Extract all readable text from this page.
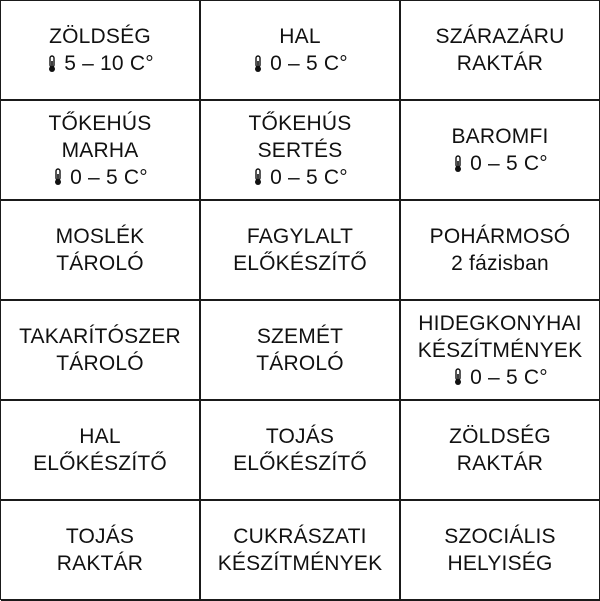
ZÖLDSÉG
5 – 10 C°
HAL
0 – 5 C°
SZÁRAZÁRU
RAKTÁR
TŐKEHÚS
MARHA
0 – 5 C°
TŐKEHÚS
SERTÉS
0 – 5 C°
BAROMFI
0 – 5 C°
MOSLÉK
TÁROLÓ
FAGYLALT
ELŐKÉSZÍTŐ
POHÁRMOSÓ
2 fázisban
TAKARÍTÓSZER
TÁROLÓ
SZEMÉT
TÁROLÓ
HIDEGKONYHAI
KÉSZÍTMÉNYEK
0 – 5 C°
HAL
ELŐKÉSZÍTŐ
TOJÁS
ELŐKÉSZÍTŐ
ZÖLDSÉG
RAKTÁR
TOJÁS
RAKTÁR
CUKRÁSZATI
KÉSZÍTMÉNYEK
SZOCIÁLIS
HELYISÉG
